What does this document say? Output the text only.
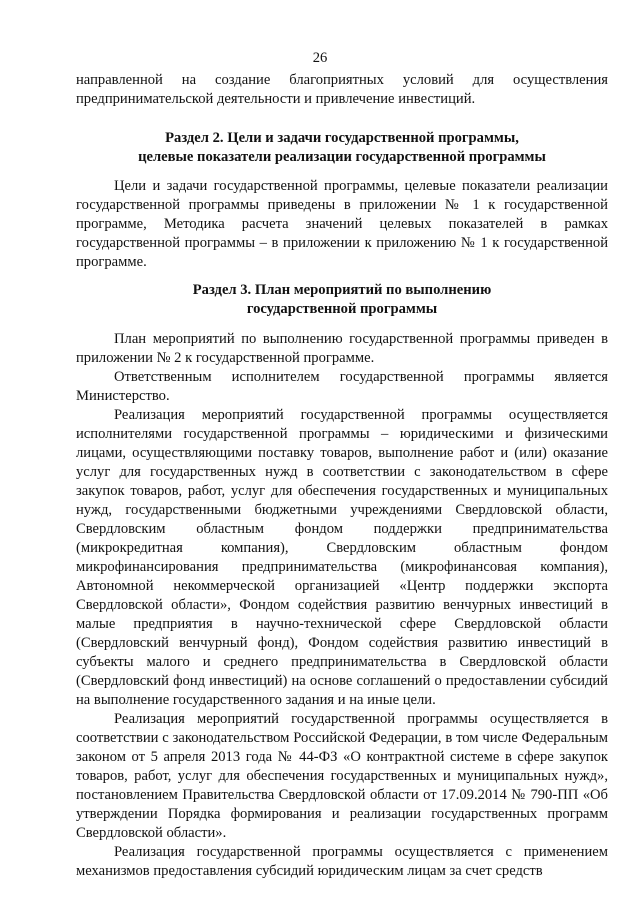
26

направленной на создание благоприятных условий для осуществления предпринимательской деятельности и привлечение инвестиций.

Раздел 2. Цели и задачи государственной программы,
целевые показатели реализации государственной программы

Цели и задачи государственной программы, целевые показатели реализации государственной программы приведены в приложении № 1 к государственной программе, Методика расчета значений целевых показателей в рамках государственной программы – в приложении к приложению № 1 к государственной программе.

Раздел 3. План мероприятий по выполнению
государственной программы

План мероприятий по выполнению государственной программы приведен в приложении № 2 к государственной программе.

Ответственным исполнителем государственной программы является Министерство.

Реализация мероприятий государственной программы осуществляется исполнителями государственной программы – юридическими и физическими лицами, осуществляющими поставку товаров, выполнение работ и (или) оказание услуг для государственных нужд в соответствии с законодательством в сфере закупок товаров, работ, услуг для обеспечения государственных и муниципальных нужд, государственными бюджетными учреждениями Свердловской области, Свердловским областным фондом поддержки предпринимательства (микрокредитная компания), Свердловским областным фондом микрофинансирования предпринимательства (микрофинансовая компания), Автономной некоммерческой организацией «Центр поддержки экспорта Свердловской области», Фондом содействия развитию венчурных инвестиций в малые предприятия в научно-технической сфере Свердловской области (Свердловский венчурный фонд), Фондом содействия развитию инвестиций в субъекты малого и среднего предпринимательства в Свердловской области (Свердловский фонд инвестиций) на основе соглашений о предоставлении субсидий на выполнение государственного задания и на иные цели.

Реализация мероприятий государственной программы осуществляется в соответствии с законодательством Российской Федерации, в том числе Федеральным законом от 5 апреля 2013 года № 44-ФЗ «О контрактной системе в сфере закупок товаров, работ, услуг для обеспечения государственных и муниципальных нужд», постановлением Правительства Свердловской области от 17.09.2014 № 790-ПП «Об утверждении Порядка формирования и реализации государственных программ Свердловской области».

Реализация государственной программы осуществляется с применением механизмов предоставления субсидий юридическим лицам за счет средств
